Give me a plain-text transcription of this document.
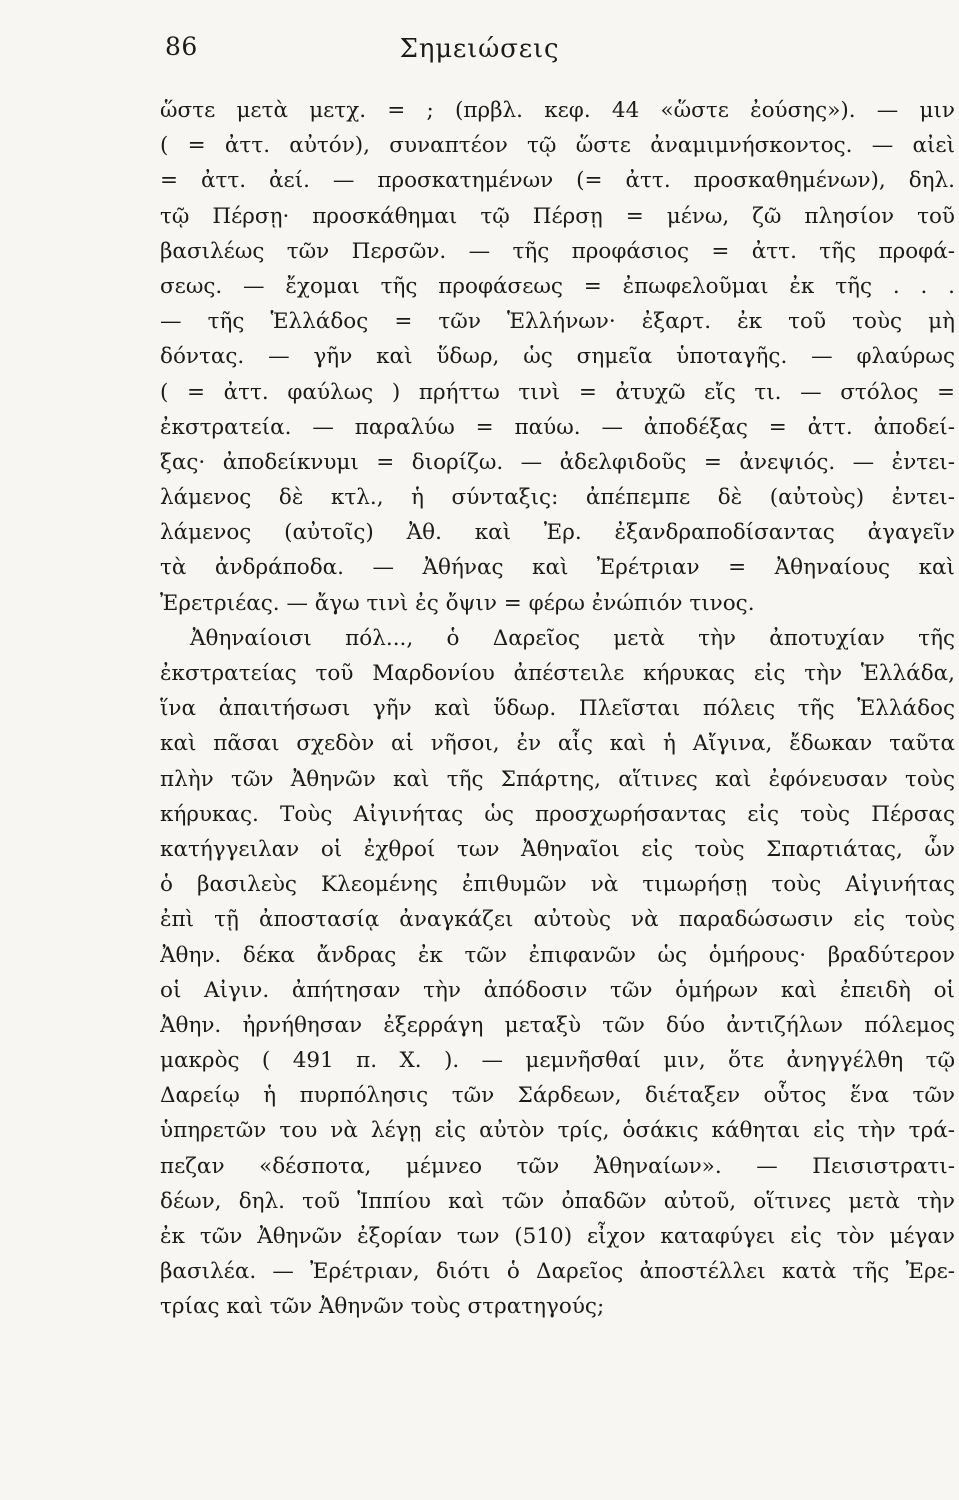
86	Σημειώσεις
ὥστε μετὰ μετχ. = ; (πρβλ. κεφ. 44 «ὥστε ἐούσης»). — μιν
( = ἀττ. αὐτόν), συναπτέον τῷ ὥστε ἀναμιμνήσκοντος. — αἰεὶ
= ἀττ. ἀεί. — προσκατημένων (= ἀττ. προσκαθημένων), δηλ.
τῷ Πέρσῃ· προσκάθημαι τῷ Πέρσῃ = μένω, ζῶ πλησίον τοῦ
βασιλέως τῶν Περσῶν. — τῆς προφάσιος = ἀττ. τῆς προφά-
σεως. — ἔχομαι τῆς προφάσεως = ἐπωφελοῦμαι ἐκ τῆς . . .
— τῆς Ἑλλάδος = τῶν Ἑλλήνων· ἐξαρτ. ἐκ τοῦ τοὺς μὴ
δόντας. — γῆν καὶ ὕδωρ, ὡς σημεῖα ὑποταγῆς. — φλαύρως
( = ἀττ. φαύλως ) πρήττω τινὶ = ἀτυχῶ εἴς τι. — στόλος =
ἐκστρατεία. — παραλύω = παύω. — ἀποδέξας = ἀττ. ἀποδεί-
ξας· ἀποδείκνυμι = διορίζω. — ἀδελφιδοῦς = ἀνεψιός. — ἐντει-
λάμενος δὲ κτλ., ἡ σύνταξις: ἀπέπεμπε δὲ (αὐτοὺς) ἐντει-
λάμενος (αὐτοῖς) Ἀθ. καὶ Ἐρ. ἐξανδραποδίσαντας ἀγαγεῖν
τὰ ἀνδράποδα. — Ἀθήνας καὶ Ἐρέτριαν = Ἀθηναίους καὶ
Ἐρετριέας. — ἄγω τινὶ ἐς ὄψιν = φέρω ἐνώπιόν τινος.
Ἀθηναίοισι πόλ..., ὁ Δαρεῖος μετὰ τὴν ἀποτυχίαν τῆς
ἐκστρατείας τοῦ Μαρδονίου ἀπέστειλε κήρυκας εἰς τὴν Ἑλλάδα,
ἵνα ἀπαιτήσωσι γῆν καὶ ὕδωρ. Πλεῖσται πόλεις τῆς Ἑλλάδος
καὶ πᾶσαι σχεδὸν αἱ νῆσοι, ἐν αἷς καὶ ἡ Αἴγινα, ἔδωκαν ταῦτα
πλὴν τῶν Ἀθηνῶν καὶ τῆς Σπάρτης, αἵτινες καὶ ἐφόνευσαν τοὺς
κήρυκας. Τοὺς Αἰγινήτας ὡς προσχωρήσαντας εἰς τοὺς Πέρσας
κατήγγειλαν οἱ ἐχθροί των Ἀθηναῖοι εἰς τοὺς Σπαρτιάτας, ὧν
ὁ βασιλεὺς Κλεομένης ἐπιθυμῶν νὰ τιμωρήσῃ τοὺς Αἰγινήτας
ἐπὶ τῇ ἀποστασίᾳ ἀναγκάζει αὐτοὺς νὰ παραδώσωσιν εἰς τοὺς
Ἀθην. δέκα ἄνδρας ἐκ τῶν ἐπιφανῶν ὡς ὁμήρους· βραδύτερον
οἱ Αἰγιν. ἀπήτησαν τὴν ἀπόδοσιν τῶν ὁμήρων καὶ ἐπειδὴ οἱ
Ἀθην. ἠρνήθησαν ἐξερράγη μεταξὺ τῶν δύο ἀντιζήλων πόλεμος
μακρὸς ( 491 π. Χ. ). — μεμνῆσθαί μιν, ὅτε ἀνηγγέλθη τῷ
Δαρείῳ ἡ πυρπόλησις τῶν Σάρδεων, διέταξεν οὗτος ἕνα τῶν
ὑπηρετῶν του νὰ λέγῃ εἰς αὐτὸν τρίς, ὁσάκις κάθηται εἰς τὴν τρά-
πεζαν «δέσποτα, μέμνεο τῶν Ἀθηναίων». — Πεισιστρατι-
δέων, δηλ. τοῦ Ἱππίου καὶ τῶν ὀπαδῶν αὐτοῦ, οἵτινες μετὰ τὴν
ἐκ τῶν Ἀθηνῶν ἐξορίαν των (510) εἶχον καταφύγει εἰς τὸν μέγαν
βασιλέα. — Ἐρέτριαν, διότι ὁ Δαρεῖος ἀποστέλλει κατὰ τῆς Ἐρε-
τρίας καὶ τῶν Ἀθηνῶν τοὺς στρατηγούς;
